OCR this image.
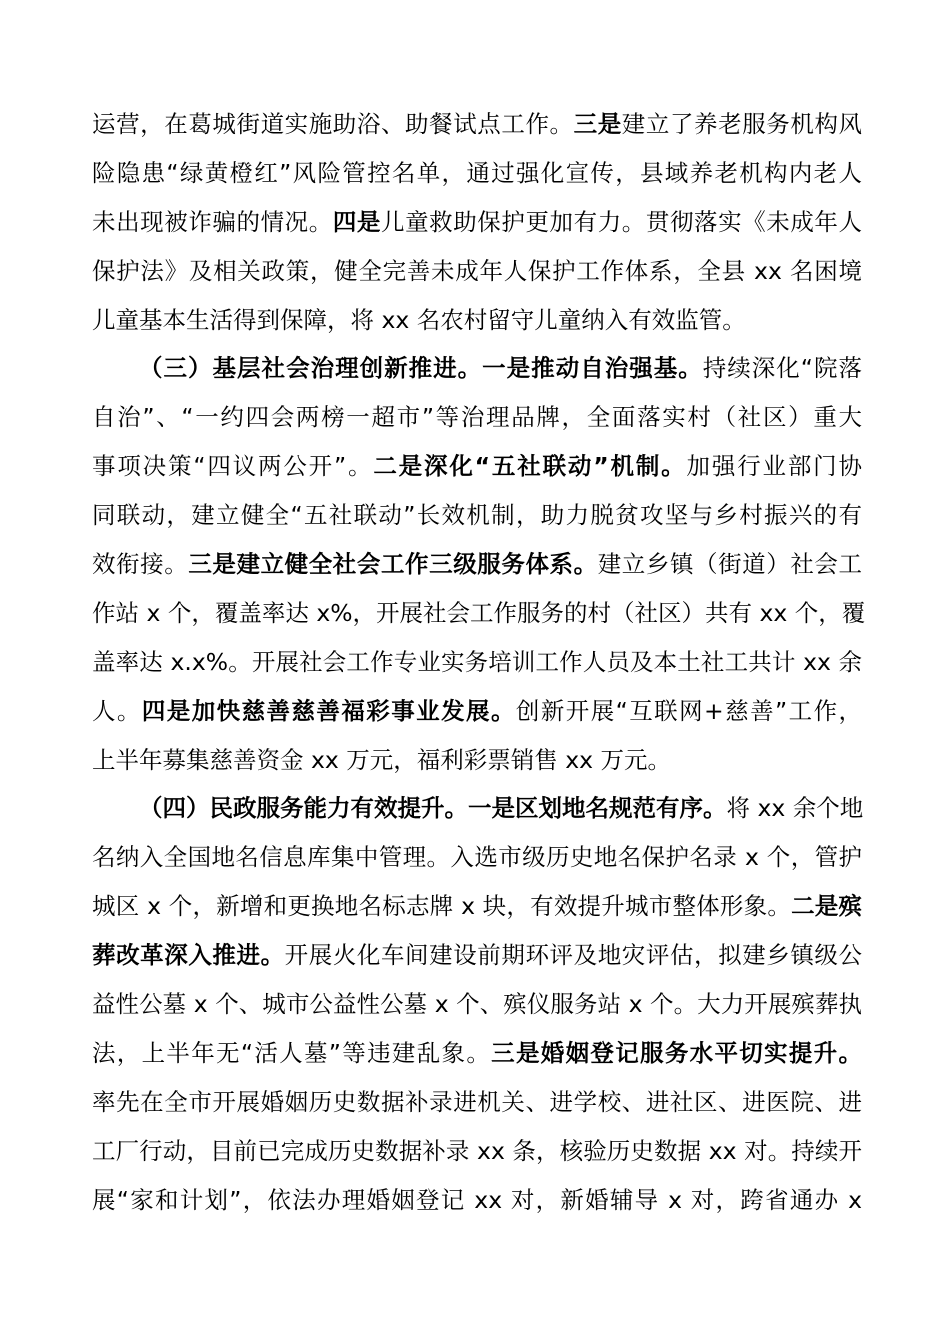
运营，在葛城街道实施助浴、助餐试点工作。三是建立了养老服务机构风
险隐患“绿黄橙红”风险管控名单，通过强化宣传，县域养老机构内老人
未出现被诈骗的情况。四是儿童救助保护更加有力。贯彻落实《未成年人
保护法》及相关政策，健全完善未成年人保护工作体系，全县 xx 名困境
儿童基本生活得到保障，将 xx 名农村留守儿童纳入有效监管。
（三）基层社会治理创新推进。一是推动自治强基。持续深化“院落
自治”、“一约四会两榜一超市”等治理品牌，全面落实村（社区）重大
事项决策“四议两公开”。二是深化“五社联动”机制。加强行业部门协
同联动，建立健全“五社联动”长效机制，助力脱贫攻坚与乡村振兴的有
效衔接。三是建立健全社会工作三级服务体系。建立乡镇（街道）社会工
作站 x 个，覆盖率达 x%，开展社会工作服务的村（社区）共有 xx 个，覆
盖率达 x.x%。开展社会工作专业实务培训工作人员及本土社工共计 xx 余
人。四是加快慈善慈善福彩事业发展。创新开展“互联网+慈善”工作，
上半年募集慈善资金 xx 万元，福利彩票销售 xx 万元。
（四）民政服务能力有效提升。一是区划地名规范有序。将 xx 余个地
名纳入全国地名信息库集中管理。入选市级历史地名保护名录 x 个，管护
城区 x 个，新增和更换地名标志牌 x 块，有效提升城市整体形象。二是殡
葬改革深入推进。开展火化车间建设前期环评及地灾评估，拟建乡镇级公
益性公墓 x 个、城市公益性公墓 x 个、殡仪服务站 x 个。大力开展殡葬执
法，上半年无“活人墓”等违建乱象。三是婚姻登记服务水平切实提升。
率先在全市开展婚姻历史数据补录进机关、进学校、进社区、进医院、进
工厂行动，目前已完成历史数据补录 xx 条，核验历史数据 xx 对。持续开
展“家和计划”，依法办理婚姻登记 xx 对，新婚辅导 x 对，跨省通办 x
